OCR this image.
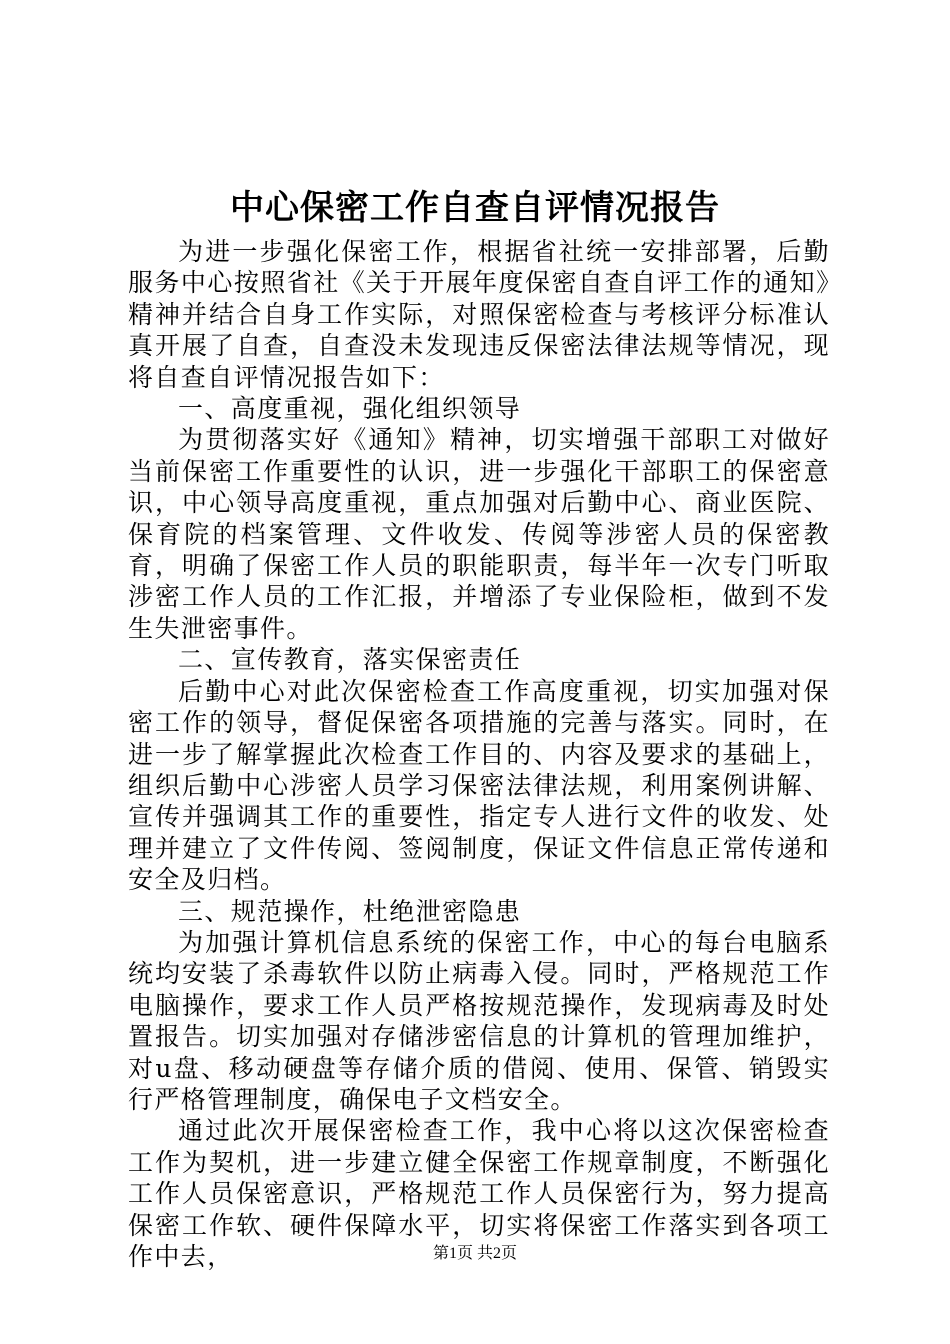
中心保密工作自查自评情况报告

为进一步强化保密工作，根据省社统一安排部署，后勤服务中心按照省社《关于开展年度保密自查自评工作的通知》精神并结合自身工作实际，对照保密检查与考核评分标准认真开展了自查，自查没未发现违反保密法律法规等情况，现将自查自评情况报告如下：

一、高度重视，强化组织领导

为贯彻落实好《通知》精神，切实增强干部职工对做好当前保密工作重要性的认识，进一步强化干部职工的保密意识，中心领导高度重视，重点加强对后勤中心、商业医院、保育院的档案管理、文件收发、传阅等涉密人员的保密教育，明确了保密工作人员的职能职责，每半年一次专门听取涉密工作人员的工作汇报，并增添了专业保险柜，做到不发生失泄密事件。

二、宣传教育，落实保密责任

后勤中心对此次保密检查工作高度重视，切实加强对保密工作的领导，督促保密各项措施的完善与落实。同时，在进一步了解掌握此次检查工作目的、内容及要求的基础上，组织后勤中心涉密人员学习保密法律法规，利用案例讲解、宣传并强调其工作的重要性，指定专人进行文件的收发、处理并建立了文件传阅、签阅制度，保证文件信息正常传递和安全及归档。

三、规范操作，杜绝泄密隐患

为加强计算机信息系统的保密工作，中心的每台电脑系统均安装了杀毒软件以防止病毒入侵。同时，严格规范工作电脑操作，要求工作人员严格按规范操作，发现病毒及时处置报告。切实加强对存储涉密信息的计算机的管理加维护，对u盘、移动硬盘等存储介质的借阅、使用、保管、销毁实行严格管理制度，确保电子文档安全。

通过此次开展保密检查工作，我中心将以这次保密检查工作为契机，进一步建立健全保密工作规章制度，不断强化工作人员保密意识，严格规范工作人员保密行为，努力提高保密工作软、硬件保障水平，切实将保密工作落实到各项工作中去，	第1页 共2页
